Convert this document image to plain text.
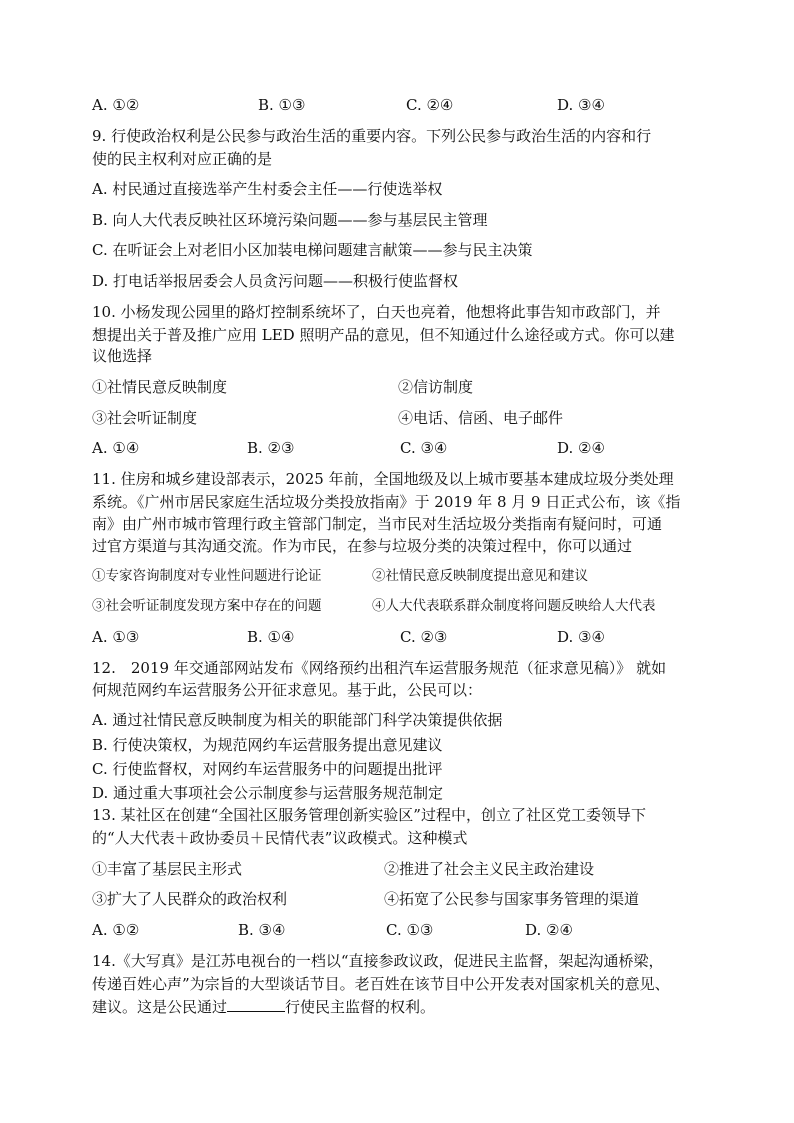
A. ①②	B. ①③	C. ②④	D. ③④
9. 行使政治权利是公民参与政治生活的重要内容。下列公民参与政治生活的内容和行
使的民主权利对应正确的是
A. 村民通过直接选举产生村委会主任——行使选举权
B. 向人大代表反映社区环境污染问题——参与基层民主管理
C. 在听证会上对老旧小区加装电梯问题建言献策——参与民主决策
D. 打电话举报居委会人员贪污问题——积极行使监督权
10. 小杨发现公园里的路灯控制系统坏了，白天也亮着，他想将此事告知市政部门，并
想提出关于普及推广应用 LED 照明产品的意见，但不知通过什么途径或方式。你可以建
议他选择
①社情民意反映制度	②信访制度
③社会听证制度	④电话、信函、电子邮件
A. ①④	B. ②③	C. ③④	D. ②④
11. 住房和城乡建设部表示，2025 年前，全国地级及以上城市要基本建成垃圾分类处理
系统。《广州市居民家庭生活垃圾分类投放指南》于 2019 年 8 月 9 日正式公布，该《指
南》由广州市城市管理行政主管部门制定，当市民对生活垃圾分类指南有疑问时，可通
过官方渠道与其沟通交流。作为市民，在参与垃圾分类的决策过程中，你可以通过
①专家咨询制度对专业性问题进行论证	②社情民意反映制度提出意见和建议
③社会听证制度发现方案中存在的问题	④人大代表联系群众制度将问题反映给人大代表
A. ①③	B. ①④	C. ②③	D. ③④
12.　2019 年交通部网站发布《网络预约出租汽车运营服务规范（征求意见稿）》 就如
何规范网约车运营服务公开征求意见。基于此，公民可以：
A. 通过社情民意反映制度为相关的职能部门科学决策提供依据
B. 行使决策权，为规范网约车运营服务提出意见建议
C. 行使监督权，对网约车运营服务中的问题提出批评
D. 通过重大事项社会公示制度参与运营服务规范制定
13. 某社区在创建“全国社区服务管理创新实验区”过程中，创立了社区党工委领导下
的“人大代表＋政协委员＋民情代表”议政模式。这种模式
①丰富了基层民主形式	②推进了社会主义民主政治建设
③扩大了人民群众的政治权利	④拓宽了公民参与国家事务管理的渠道
A. ①②	B. ③④	C. ①③	D. ②④
14.《大写真》是江苏电视台的一档以“直接参政议政，促进民主监督，架起沟通桥梁，
传递百姓心声”为宗旨的大型谈话节目。老百姓在该节目中公开发表对国家机关的意见、
建议。这是公民通过	行使民主监督的权利。
